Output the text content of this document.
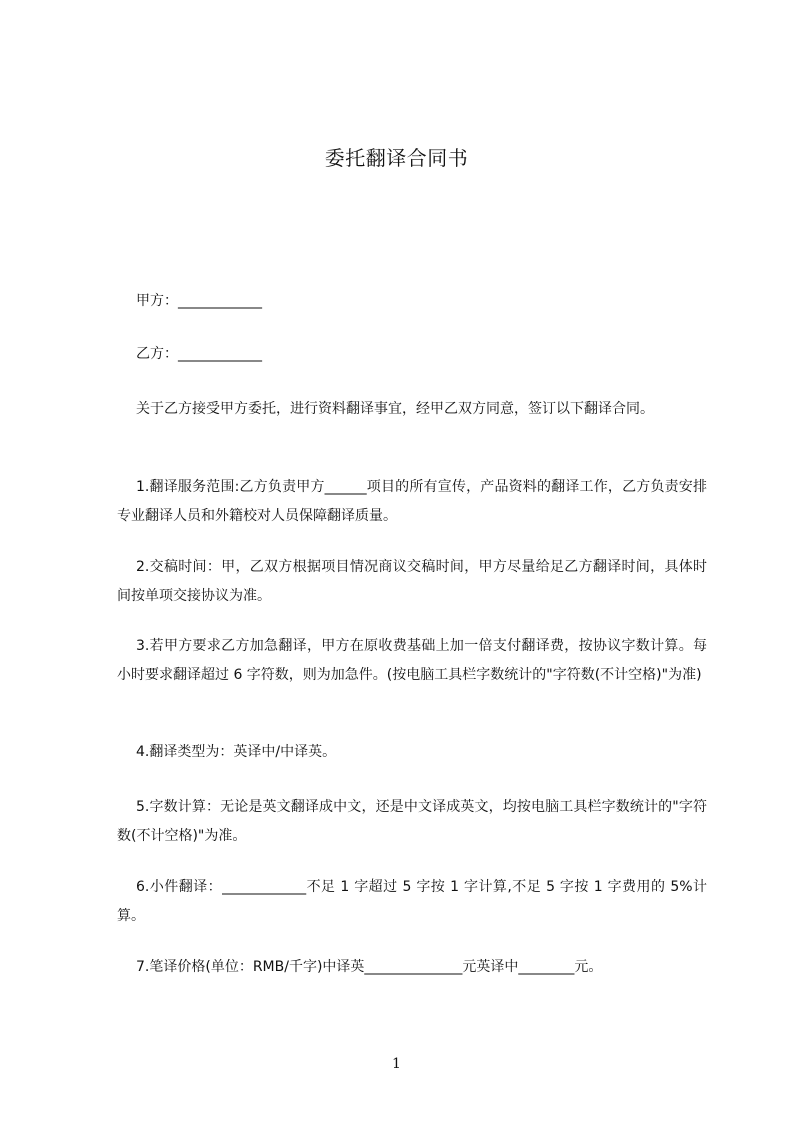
委托翻译合同书
甲方：____________
乙方：____________
关于乙方接受甲方委托，进行资料翻译事宜，经甲乙双方同意，签订以下翻译合同。
1.翻译服务范围:乙方负责甲方______项目的所有宣传，产品资料的翻译工作，乙方负责安排专业翻译人员和外籍校对人员保障翻译质量。
2.交稿时间：甲，乙双方根据项目情况商议交稿时间，甲方尽量给足乙方翻译时间，具体时间按单项交接协议为准。
3.若甲方要求乙方加急翻译，甲方在原收费基础上加一倍支付翻译费，按协议字数计算。每小时要求翻译超过 6 字符数，则为加急件。(按电脑工具栏字数统计的"字符数(不计空格)"为准)
4.翻译类型为：英译中/中译英。
5.字数计算：无论是英文翻译成中文，还是中文译成英文，均按电脑工具栏字数统计的"字符数(不计空格)"为准。
6.小件翻译：____________不足 1 字超过 5 字按 1 字计算,不足 5 字按 1 字费用的 5%计算。
7.笔译价格(单位：RMB/千字)中译英______________元英译中________元。
1
